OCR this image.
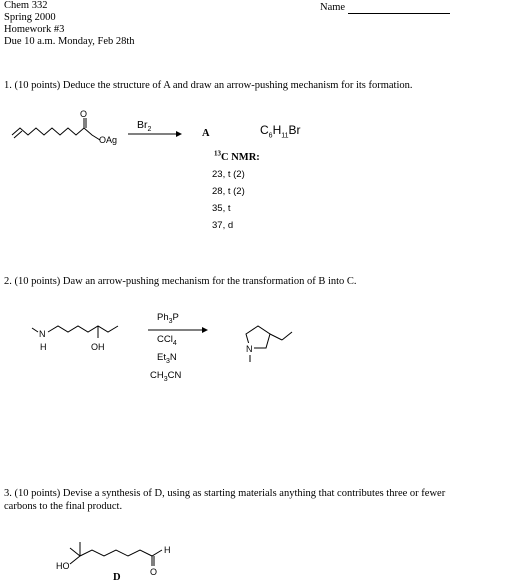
Chem 332
Spring 2000
Homework #3
Due 10 a.m. Monday, Feb 28th
Name
1. (10 points) Deduce the structure of A and draw an arrow-pushing mechanism for its formation.
O
OAg
$Br_2$	A	$C_6H_{11}Br$
$^{13}$C NMR:
23, t (2)
28, t (2)
35, t
37, d
2. (10 points) Daw an arrow-pushing mechanism for the transformation of B into C.
N
H	OH
$Ph_3P$
CCl$_4$
$Et_3N$
$CH_3CN$
N
3. (10 points) Devise a synthesis of D, using as starting materials anything that contributes three or fewer
carbons to the final product.
HO
O
H
D
